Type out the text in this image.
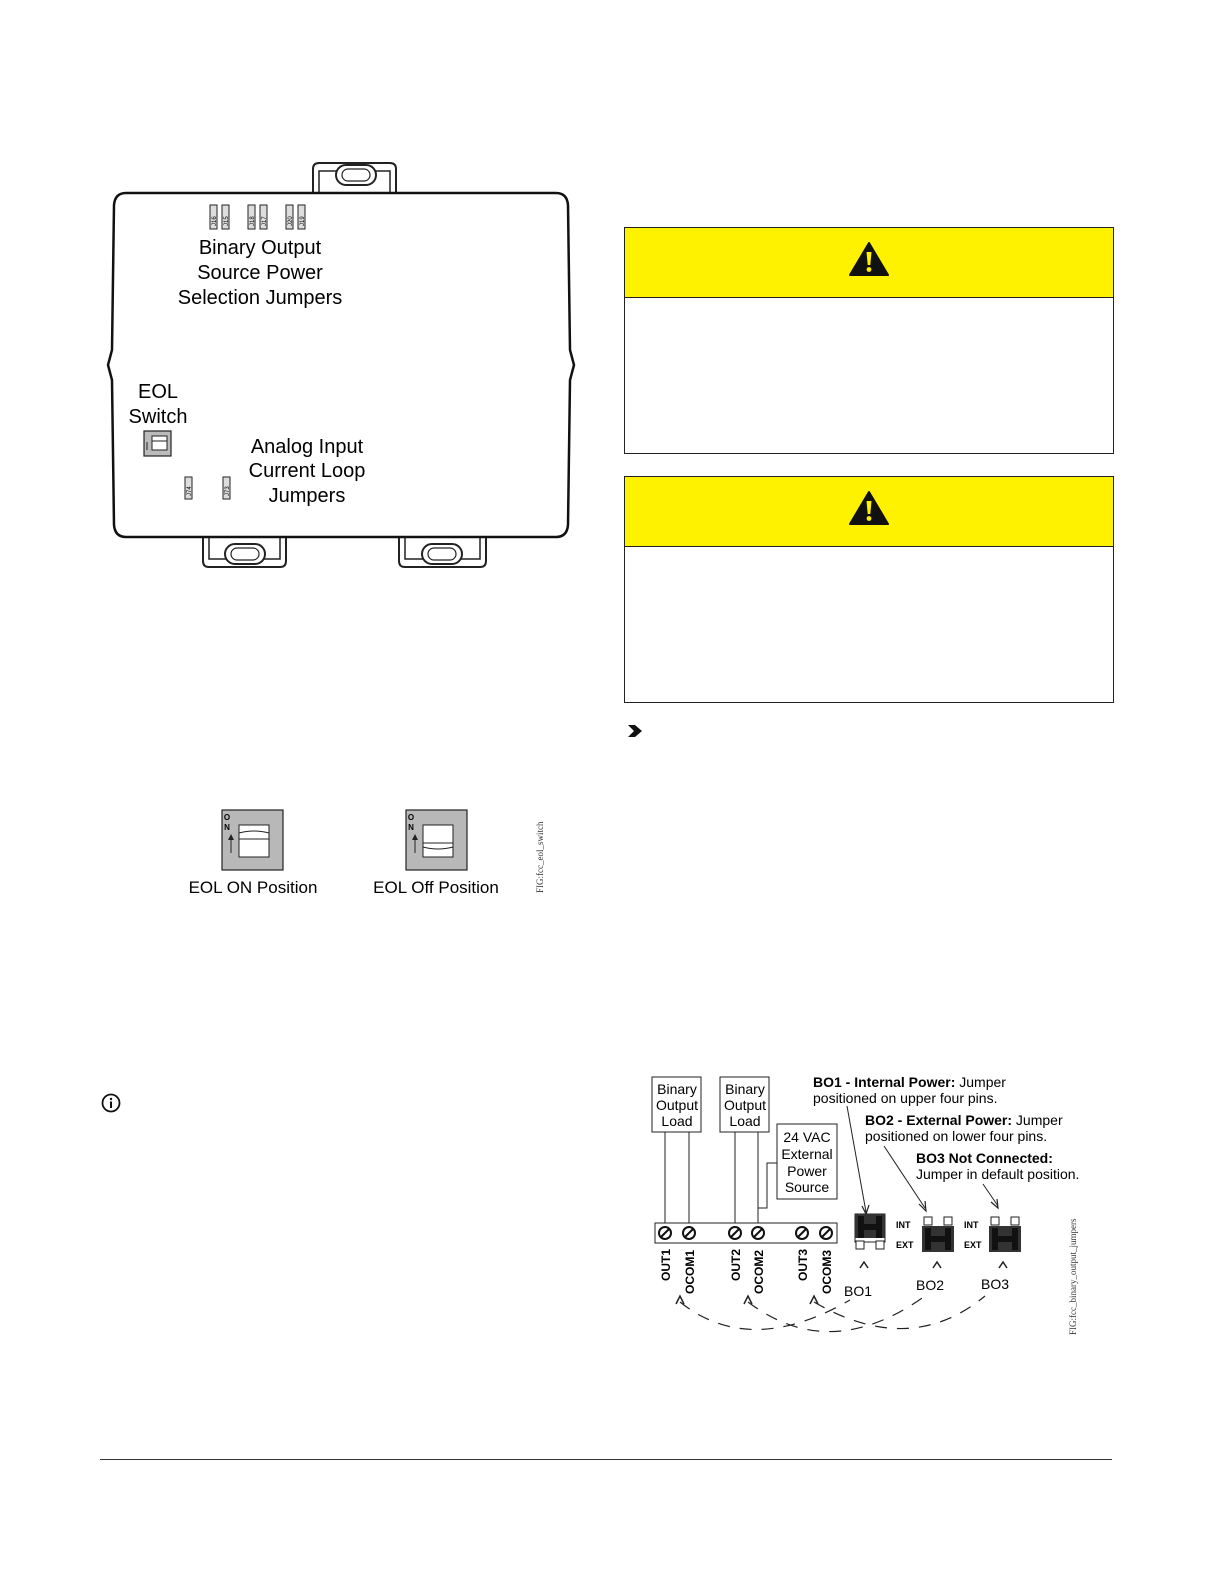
J16 J15	J18 J17	J20 J19
Binary Output
Source Power
Selection Jumpers
EOL
Switch
Analog Input
Current Loop
Jumpers
J74	J73
O
N
EOL ON Position
O
N
EOL Off Position	FIG:fcc_eol_switch
Binary
Output
Load
Binary
Output
Load
24 VAC
External
Power
Source
OUT1 OCOM1	OUT2 OCOM2	OUT3 OCOM3
BO1 - Internal Power: Jumper
positioned on upper four pins.
BO2 - External Power: Jumper
positioned on lower four pins.
BO3 Not Connected:
Jumper in default position.
INT
EXT
INT
EXT
BO1	BO2	BO3	FIG:fcc_binary_output_jumpers
